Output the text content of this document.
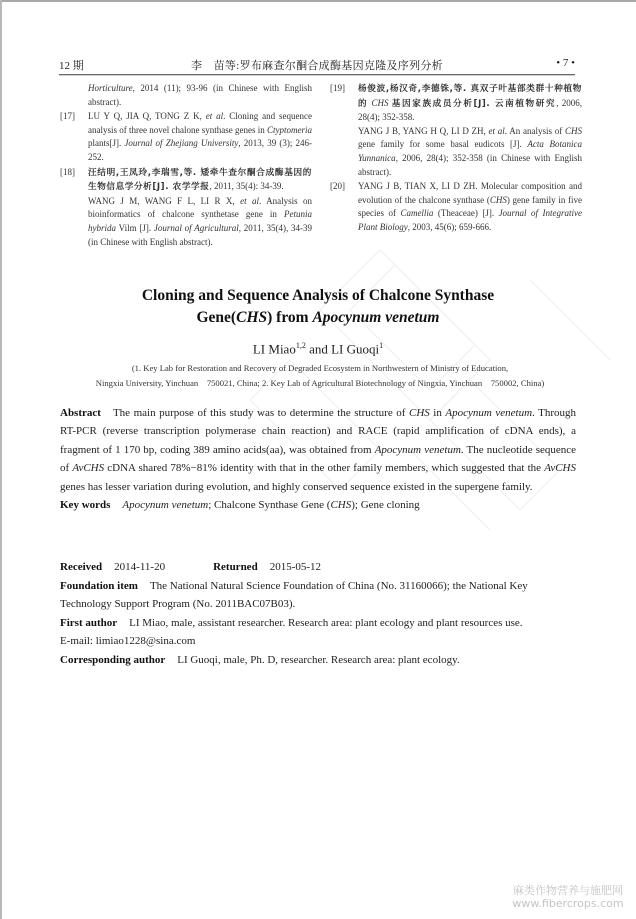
12 期	李　苗等:罗布麻查尔酮合成酶基因克隆及序列分析	• 7 •

Horticulture, 2014 (11); 93-96 (in Chinese with English abstract).

[17] LU Y Q, JIA Q, TONG Z K, et al. Cloning and sequence analysis of three novel chalone synthase genes in Ctyptomeria plants[J]. Journal of Zhejiang University, 2013, 39 (3); 246-252.

[18] 汪结明,王凤玲,李瑞雪,等. 矮牵牛查尔酮合成酶基因的生物信息学分析[J]. 农学学报, 2011, 35(4): 34-39.

WANG J M, WANG F L, LI R X, et al. Analysis on bioinformatics of chalcone synthetase gene in Petunia hybrida Vilm [J]. Journal of Agricultural, 2011, 35(4), 34-39 (in Chinese with English abstract).

[19] 杨俊波,杨汉奇,李德铢,等. 真双子叶基部类群十种植物的 CHS 基因家族成员分析[J]. 云南植物研究, 2006, 28(4); 352-358.

YANG J B, YANG H Q, LI D ZH, et al. An analysis of CHS gene family for some basal eudicots [J]. Acta Botanica Yunnanica, 2006, 28(4); 352-358 (in Chinese with English abstract).

[20] YANG J B, TIAN X, LI D ZH. Molecular composition and evolution of the chalcone synthase (CHS) gene family in five species of Camellia (Theaceae) [J]. Journal of Integrative Plant Biology, 2003, 45(6); 659-666.

Cloning and Sequence Analysis of Chalcone Synthase
Gene(CHS) from Apocynum venetum
LI Miao$^{1,2}$ and LI Guoqi$^1$
(1. Key Lab for Restoration and Recovery of Degraded Ecosystem in Northwestern of Ministry of Education,
Ningxia University, Yinchuan　750021, China; 2. Key Lab of Agricultural Biotechnology of Ningxia, Yinchuan　750002, China)

Abstract The main purpose of this study was to determine the structure of CHS in Apocynum venetum. Through RT-PCR (reverse transcription polymerase chain reaction) and RACE (rapid amplification of cDNA ends), a fragment of 1 170 bp, coding 389 amino acids(aa), was obtained from Apocynum venetum. The nucleotide sequence of AvCHS cDNA shared 78%−81% identity with that in the other family members, which suggested that the AvCHS genes has lesser variation during evolution, and highly conserved sequence existed in the supergene family.

Key words Apocynum venetum; Chalcone Synthase Gene (CHS); Gene cloning

Received 2014-11-20	Returned 2015-05-12

Foundation item The National Natural Science Foundation of China (No. 31160066); the National Key Technology Support Program (No. 2011BAC07B03).

First author LI Miao, male, assistant researcher. Research area: plant ecology and plant resources use.

E-mail: limiao1228@sina.com

Corresponding author LI Guoqi, male, Ph. D, researcher. Research area: plant ecology.

麻类作物营养与施肥网
www.fibercrops.com
